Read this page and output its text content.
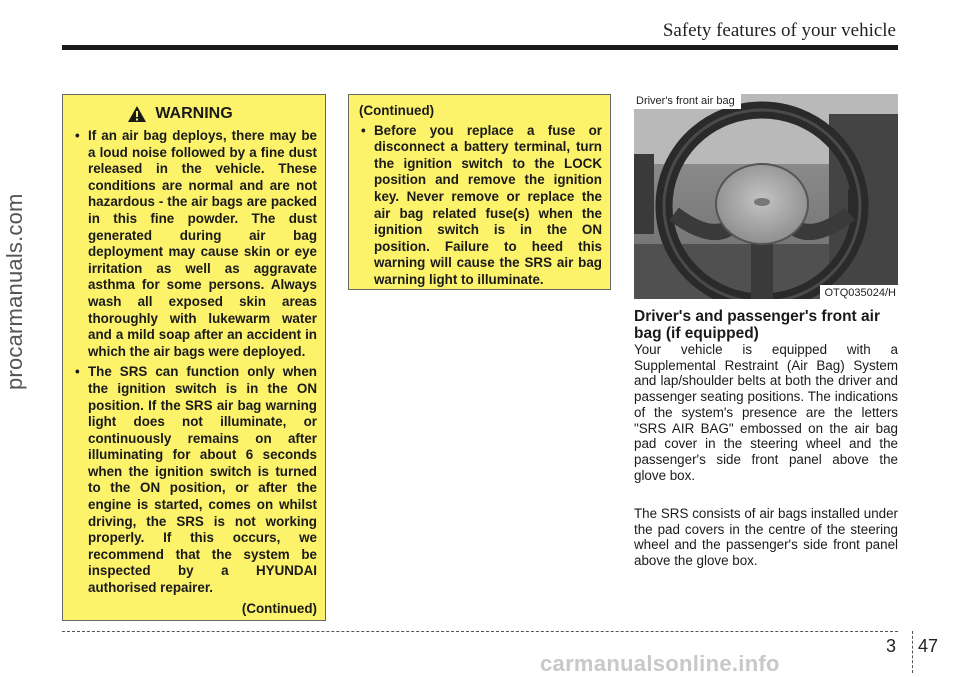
Safety features of your vehicle
procarmanuals.com
WARNING
• If an air bag deploys, there may be a loud noise followed by a fine dust released in the vehicle. These conditions are normal and are not hazardous - the air bags are packed in this fine powder. The dust generated during air bag deployment may cause skin or eye irritation as well as aggravate asthma for some persons. Always wash all exposed skin areas thoroughly with lukewarm water and a mild soap after an accident in which the air bags were deployed.
• The SRS can function only when the ignition switch is in the ON position. If the SRS air bag warning light does not illuminate, or continuously remains on after illuminating for about 6 seconds when the ignition switch is turned to the ON position, or after the engine is started, comes on whilst driving, the SRS is not working properly. If this occurs, we recommend that the system be inspected by a HYUNDAI authorised repairer.
(Continued)
(Continued)
• Before you replace a fuse or disconnect a battery terminal, turn the ignition switch to the LOCK position and remove the ignition key. Never remove or replace the air bag related fuse(s) when the ignition switch is in the ON position. Failure to heed this warning will cause the SRS air bag warning light to illuminate.
Driver's front air bag
OTQ035024/H
Driver's and passenger's front air bag (if equipped)
Your vehicle is equipped with a Supplemental Restraint (Air Bag) System and lap/shoulder belts at both the driver and passenger seating positions. The indications of the system's presence are the letters "SRS AIR BAG" embossed on the air bag pad cover in the steering wheel and the passenger's side front panel above the glove box.
The SRS consists of air bags installed under the pad covers in the centre of the steering wheel and the passenger's side front panel above the glove box.
3 47
carmanualsonline.info
